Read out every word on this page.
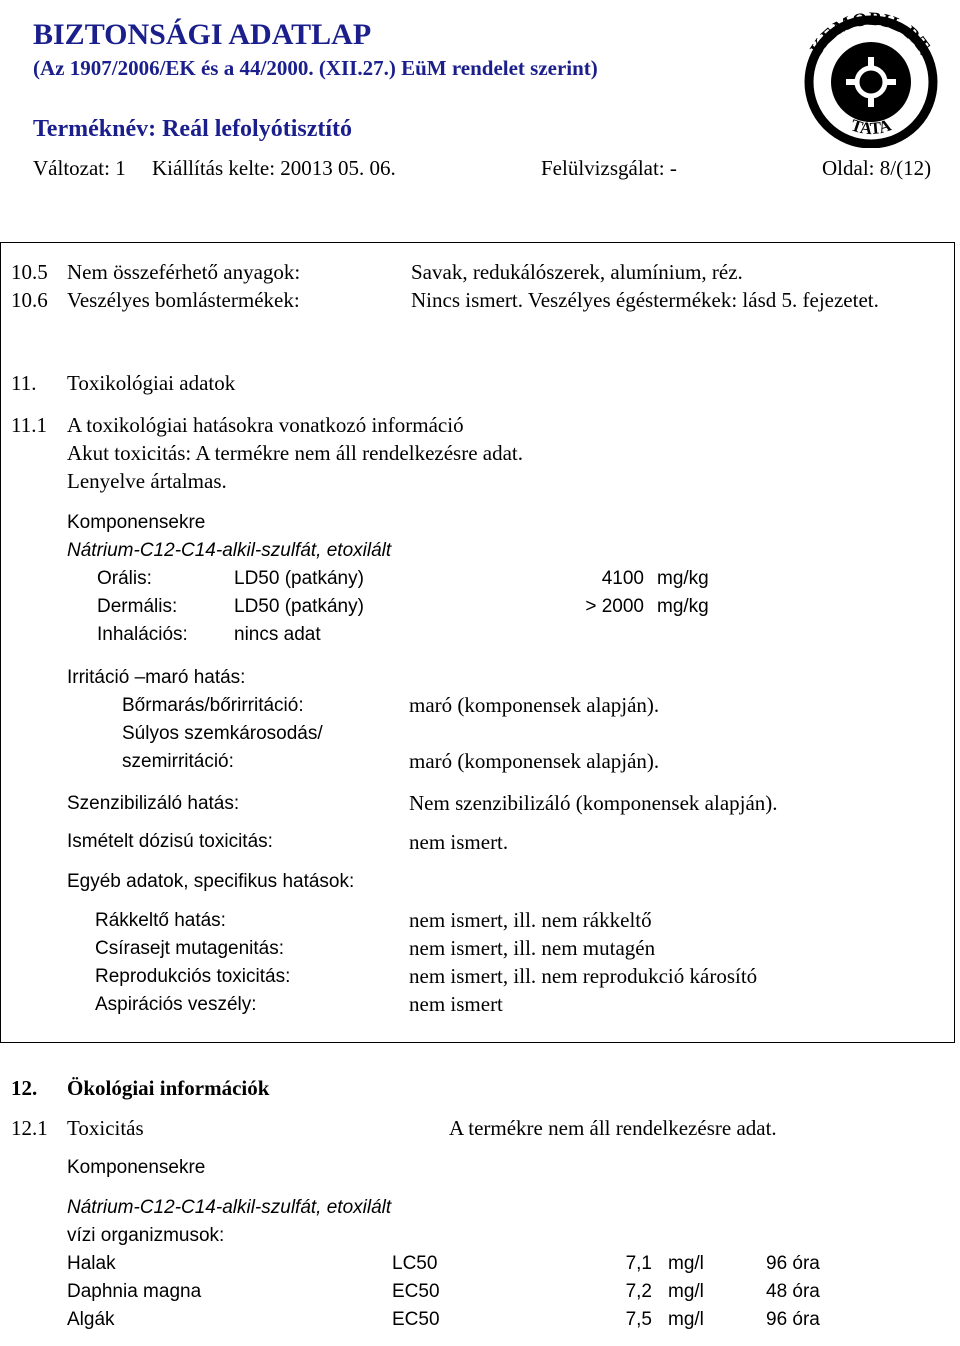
BIZTONSÁGI ADATLAP
(Az 1907/2006/EK és a 44/2000. (XII.27.) EüM rendelet szerint)
Terméknév: Reál lefolyótisztító
KEMOBIL RT.
TATA
Változat: 1 Kiállítás kelte: 20013 05. 06.	Felülvizsgálat: -	Oldal: 8/(12)
10.5 Nem összeférhető anyagok:	Savak, redukálószerek, alumínium, réz.
10.6 Veszélyes bomlástermékek:	Nincs ismert. Veszélyes égéstermékek: lásd 5. fejezetet.
11. Toxikológiai adatok
11.1 A toxikológiai hatásokra vonatkozó információ
Akut toxicitás: A termékre nem áll rendelkezésre adat.
Lenyelve ártalmas.
Komponensekre
Nátrium-C12-C14-alkil-szulfát, etoxilált
Orális:	LD50 (patkány)	4100 mg/kg
Dermális:	LD50 (patkány)	> 2000 mg/kg
Inhalációs: nincs adat
Irritáció –maró hatás:
Bőrmarás/bőrirritáció:	maró (komponensek alapján).
Súlyos szemkárosodás/
szemirritáció:	maró (komponensek alapján).
Szenzibilizáló hatás:	Nem szenzibilizáló (komponensek alapján).
Ismételt dózisú toxicitás:	nem ismert.
Egyéb adatok, specifikus hatások:
Rákkeltő hatás:	nem ismert, ill. nem rákkeltő
Csírasejt mutagenitás:	nem ismert, ill. nem mutagén
Reprodukciós toxicitás:	nem ismert, ill. nem reprodukció károsító
Aspirációs veszély:	nem ismert
12. Ökológiai információk
12.1 Toxicitás	A termékre nem áll rendelkezésre adat.
Komponensekre
Nátrium-C12-C14-alkil-szulfát, etoxilált
vízi organizmusok:
Halak	LC50	7,1 mg/l	96 óra
Daphnia magna	EC50	7,2 mg/l	48 óra
Algák	EC50	7,5 mg/l	96 óra
